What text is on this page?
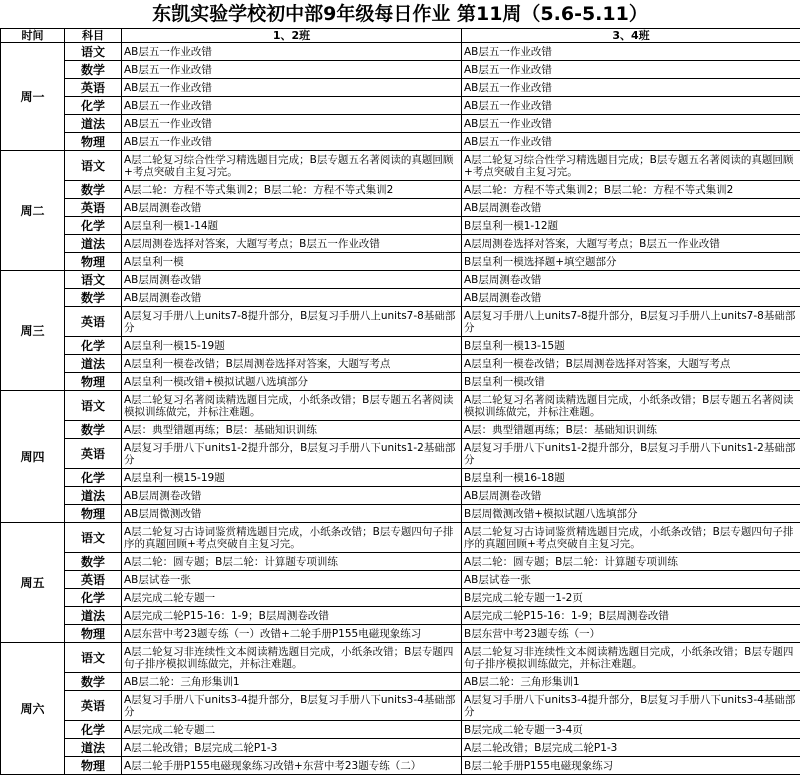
东凯实验学校初中部9年级每日作业 第11周（5.6-5.11）
时间	科目	1、2班	3、4班
周一	语文	AB层五一作业改错	AB层五一作业改错
	数学	AB层五一作业改错	AB层五一作业改错
	英语	AB层五一作业改错	AB层五一作业改错
	化学	AB层五一作业改错	AB层五一作业改错
	道法	AB层五一作业改错	AB层五一作业改错
	物理	AB层五一作业改错	AB层五一作业改错
周二	语文	A层二轮复习综合性学习精选题目完成；B层专题五名著阅读的真题回顾+考点突破自主复习完。	A层二轮复习综合性学习精选题目完成；B层专题五名著阅读的真题回顾+考点突破自主复习完。
	数学	A层二轮：方程不等式集训2；B层二轮：方程不等式集训2	A层二轮：方程不等式集训2；B层二轮：方程不等式集训2
	英语	AB层周测卷改错	AB层周测卷改错
	化学	A层皇利一模1-14题	B层皇利一模1-12题
	道法	A层周测卷选择对答案，大题写考点；B层五一作业改错	A层周测卷选择对答案，大题写考点；B层五一作业改错
	物理	A层皇利一模	B层皇利一模选择题+填空题部分
周三	语文	AB层周测卷改错	AB层周测卷改错
	数学	AB层周测卷改错	AB层周测卷改错
	英语	A层复习手册八上units7-8提升部分，B层复习手册八上units7-8基础部分	A层复习手册八上units7-8提升部分，B层复习手册八上units7-8基础部分
	化学	A层皇利一模15-19题	B层皇利一模13-15题
	道法	A层皇利一模卷改错；B层周测卷选择对答案，大题写考点	A层皇利一模卷改错；B层周测卷选择对答案，大题写考点
	物理	A层皇利一模改错+模拟试题八选填部分	B层皇利一模改错
周四	语文	A层二轮复习名著阅读精选题目完成，小纸条改错；B层专题五名著阅读模拟训练做完，并标注难题。	A层二轮复习名著阅读精选题目完成，小纸条改错；B层专题五名著阅读模拟训练做完，并标注难题。
	数学	A层：典型错题再练；B层：基础知识训练	A层：典型错题再练；B层：基础知识训练
	英语	A层复习手册八下units1-2提升部分，B层复习手册八下units1-2基础部分	A层复习手册八下units1-2提升部分，B层复习手册八下units1-2基础部分
	化学	A层皇利一模15-19题	B层皇利一模16-18题
	道法	AB层周测卷改错	AB层周测卷改错
	物理	AB层周微测改错	B层周微测改错+模拟试题八选填部分
周五	语文	A层二轮复习古诗词鉴赏精选题目完成，小纸条改错；B层专题四句子排序的真题回顾+考点突破自主复习完。	A层二轮复习古诗词鉴赏精选题目完成，小纸条改错；B层专题四句子排序的真题回顾+考点突破自主复习完。
	数学	A层二轮：圆专题；B层二轮：计算题专项训练	A层二轮：圆专题；B层二轮：计算题专项训练
	英语	AB层试卷一张	AB层试卷一张
	化学	A层完成二轮专题一	B层完成二轮专题一1-2页
	道法	A层完成二轮P15-16：1-9；B层周测卷改错	A层完成二轮P15-16：1-9；B层周测卷改错
	物理	A层东营中考23题专练（一）改错+二轮手册P155电磁现象练习	B层东营中考23题专练（一）
周六	语文	A层二轮复习非连续性文本阅读精选题目完成，小纸条改错；B层专题四句子排序模拟训练做完，并标注难题。	A层二轮复习非连续性文本阅读精选题目完成，小纸条改错；B层专题四句子排序模拟训练做完，并标注难题。
	数学	AB层二轮：三角形集训1	AB层二轮：三角形集训1
	英语	A层复习手册八下units3-4提升部分，B层复习手册八下units3-4基础部分	A层复习手册八下units3-4提升部分，B层复习手册八下units3-4基础部分
	化学	A层完成二轮专题二	B层完成二轮专题一3-4页
	道法	A层二轮改错；B层完成二轮P1-3	A层二轮改错；B层完成二轮P1-3
	物理	A层二轮手册P155电磁现象练习改错+东营中考23题专练（二）	B层二轮手册P155电磁现象练习
